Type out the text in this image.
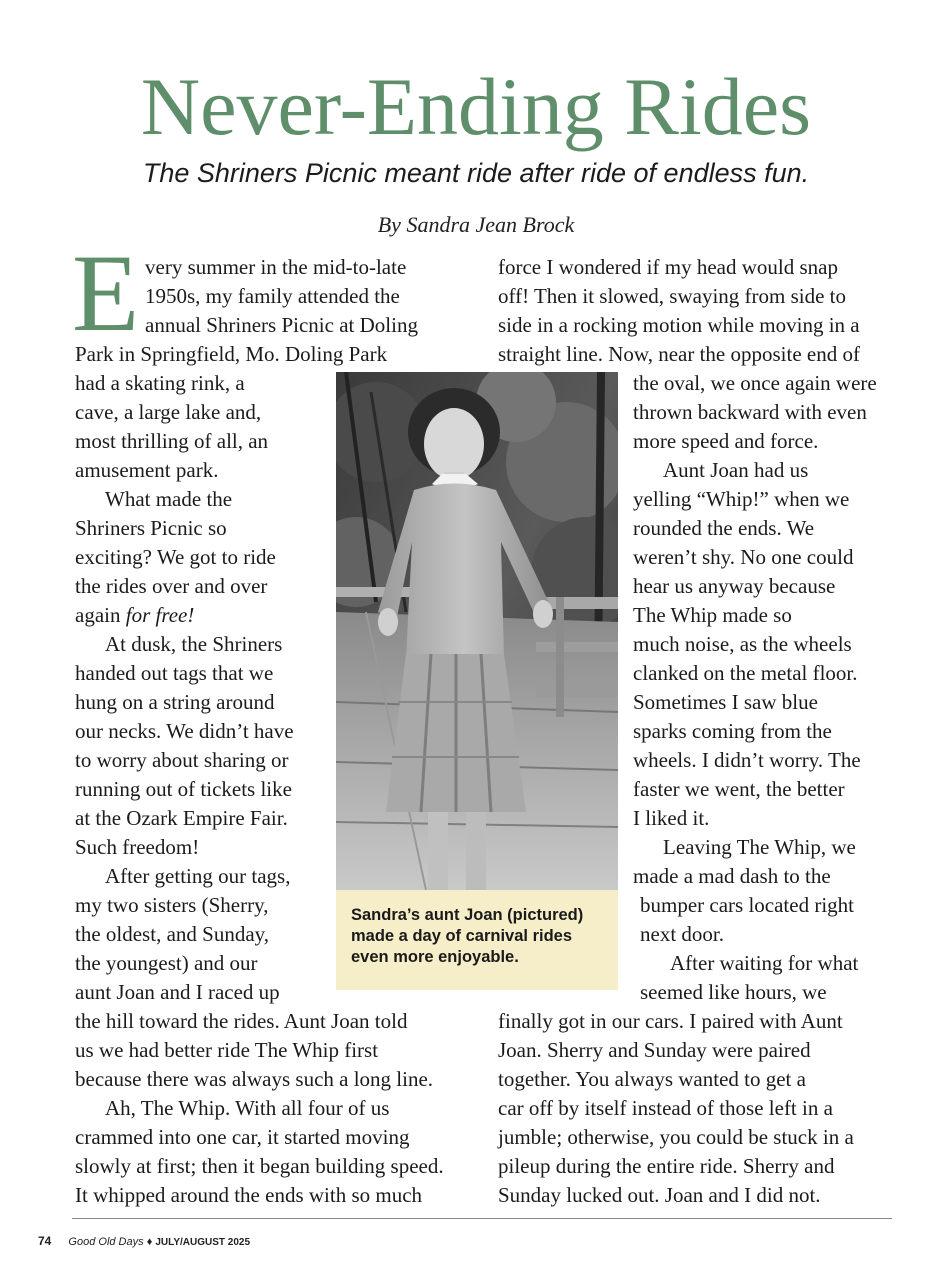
Never-Ending Rides
The Shriners Picnic meant ride after ride of endless fun.
By Sandra Jean Brock
E very summer in the mid-to-late
1950s, my family attended the
annual Shriners Picnic at Doling
Park in Springfield, Mo. Doling Park
had a skating rink, a
cave, a large lake and,
most thrilling of all, an
amusement park.
What made the
Shriners Picnic so
exciting? We got to ride
the rides over and over
again for free!
At dusk, the Shriners
handed out tags that we
hung on a string around
our necks. We didn’t have
to worry about sharing or
running out of tickets like
at the Ozark Empire Fair.
Such freedom!
After getting our tags,
my two sisters (Sherry,
the oldest, and Sunday,
the youngest) and our
aunt Joan and I raced up
the hill toward the rides. Aunt Joan told
us we had better ride The Whip first
because there was always such a long line.
Ah, The Whip. With all four of us
crammed into one car, it started moving
slowly at first; then it began building speed.
It whipped around the ends with so much
force I wondered if my head would snap
off! Then it slowed, swaying from side to
side in a rocking motion while moving in a
straight line. Now, near the opposite end of
the oval, we once again were
thrown backward with even
more speed and force.
Aunt Joan had us
yelling “Whip!” when we
rounded the ends. We
weren’t shy. No one could
hear us anyway because
The Whip made so
much noise, as the wheels
clanked on the metal floor.
Sometimes I saw blue
sparks coming from the
wheels. I didn’t worry. The
faster we went, the better
I liked it.
Leaving The Whip, we
made a mad dash to the
bumper cars located right
next door.
After waiting for what
seemed like hours, we
finally got in our cars. I paired with Aunt
Joan. Sherry and Sunday were paired
together. You always wanted to get a
car off by itself instead of those left in a
jumble; otherwise, you could be stuck in a
pileup during the entire ride. Sherry and
Sunday lucked out. Joan and I did not.
Sandra’s aunt Joan (pictured) made a day of carnival rides even more enjoyable.
74 Good Old Days ♦ JULY/AUGUST 2025
